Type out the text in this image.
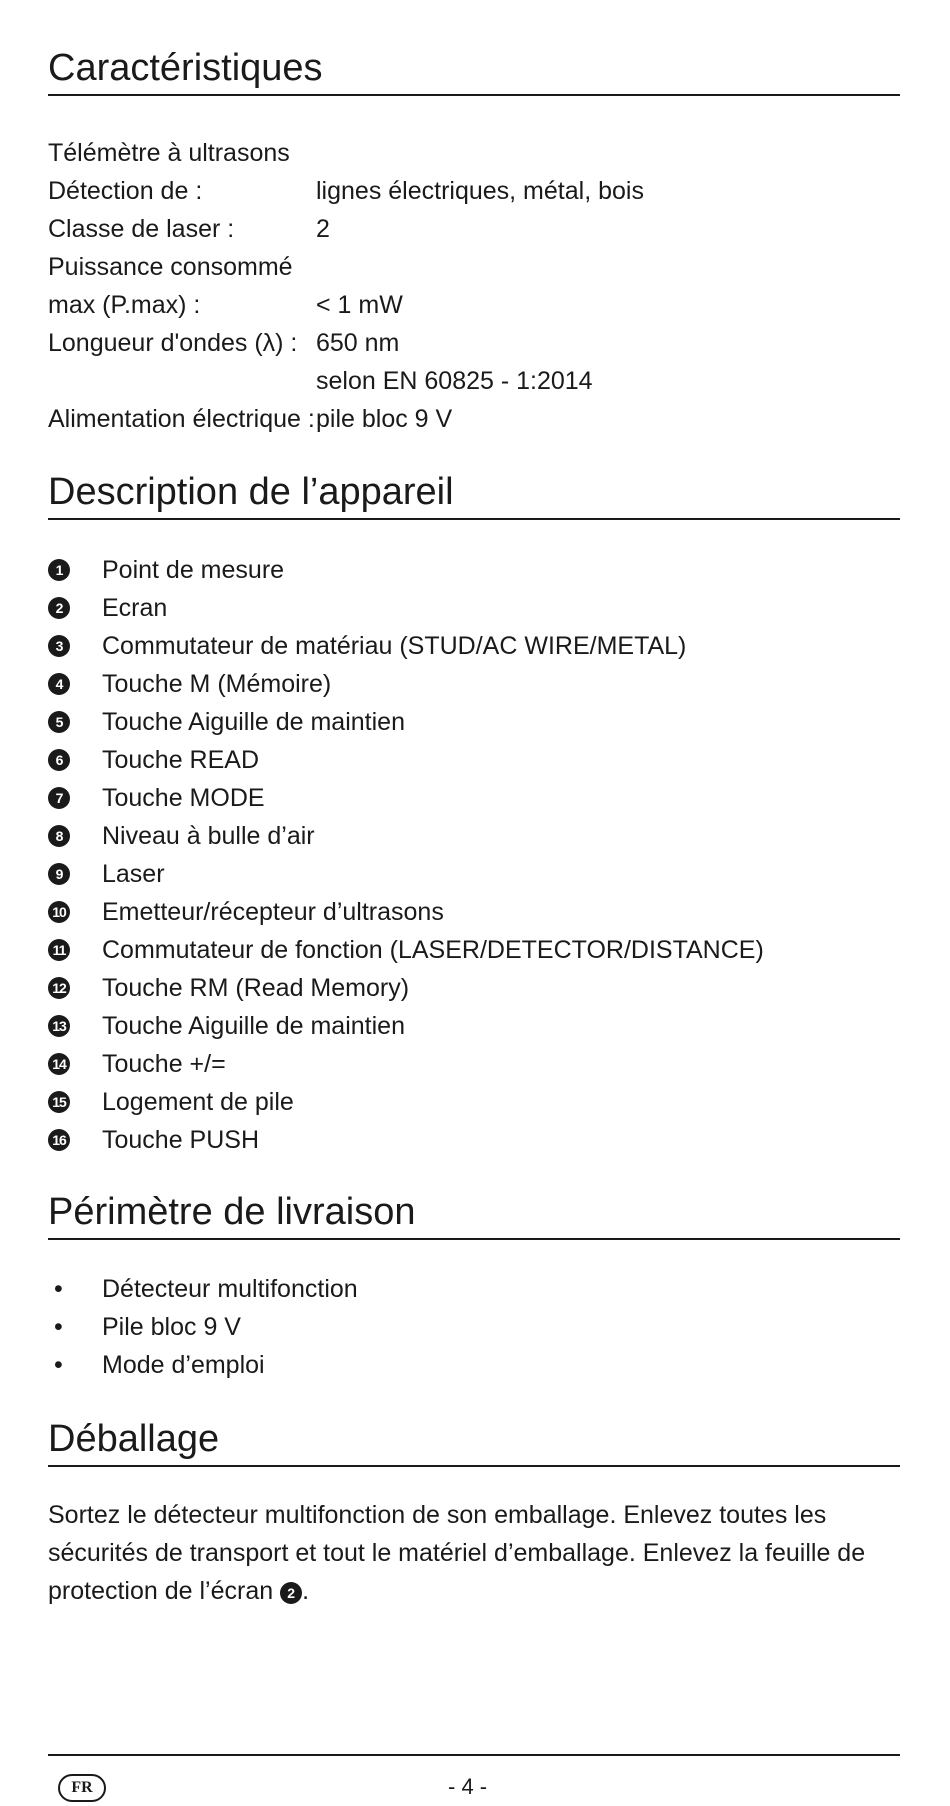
Caractéristiques
Télémètre à ultrasons
Détection de :	lignes électriques, métal, bois
Classe de laser :	2
Puissance consommé
max (P.max) :	< 1 mW
Longueur d'ondes (λ) : 650 nm
selon EN 60825 - 1:2014
Alimentation électrique : pile bloc 9 V
Description de l’appareil
1	Point de mesure
2	Ecran
3	Commutateur de matériau (STUD/AC WIRE/METAL)
4	Touche M (Mémoire)
5	Touche Aiguille de maintien
6	Touche READ
7	Touche MODE
8	Niveau à bulle d’air
9	Laser
10 Emetteur/récepteur d’ultrasons
11 Commutateur de fonction (LASER/DETECTOR/DISTANCE)
12 Touche RM (Read Memory)
13 Touche Aiguille de maintien
14 Touche +/=
15 Logement de pile
16 Touche PUSH
Périmètre de livraison
• Détecteur multifonction
• Pile bloc 9 V
• Mode d’emploi
Déballage
Sortez le détecteur multifonction de son emballage. Enlevez toutes les sécurités de transport et tout le matériel d’emballage. Enlevez la feuille de protection de l’écran 2 .
FR	- 4 -
